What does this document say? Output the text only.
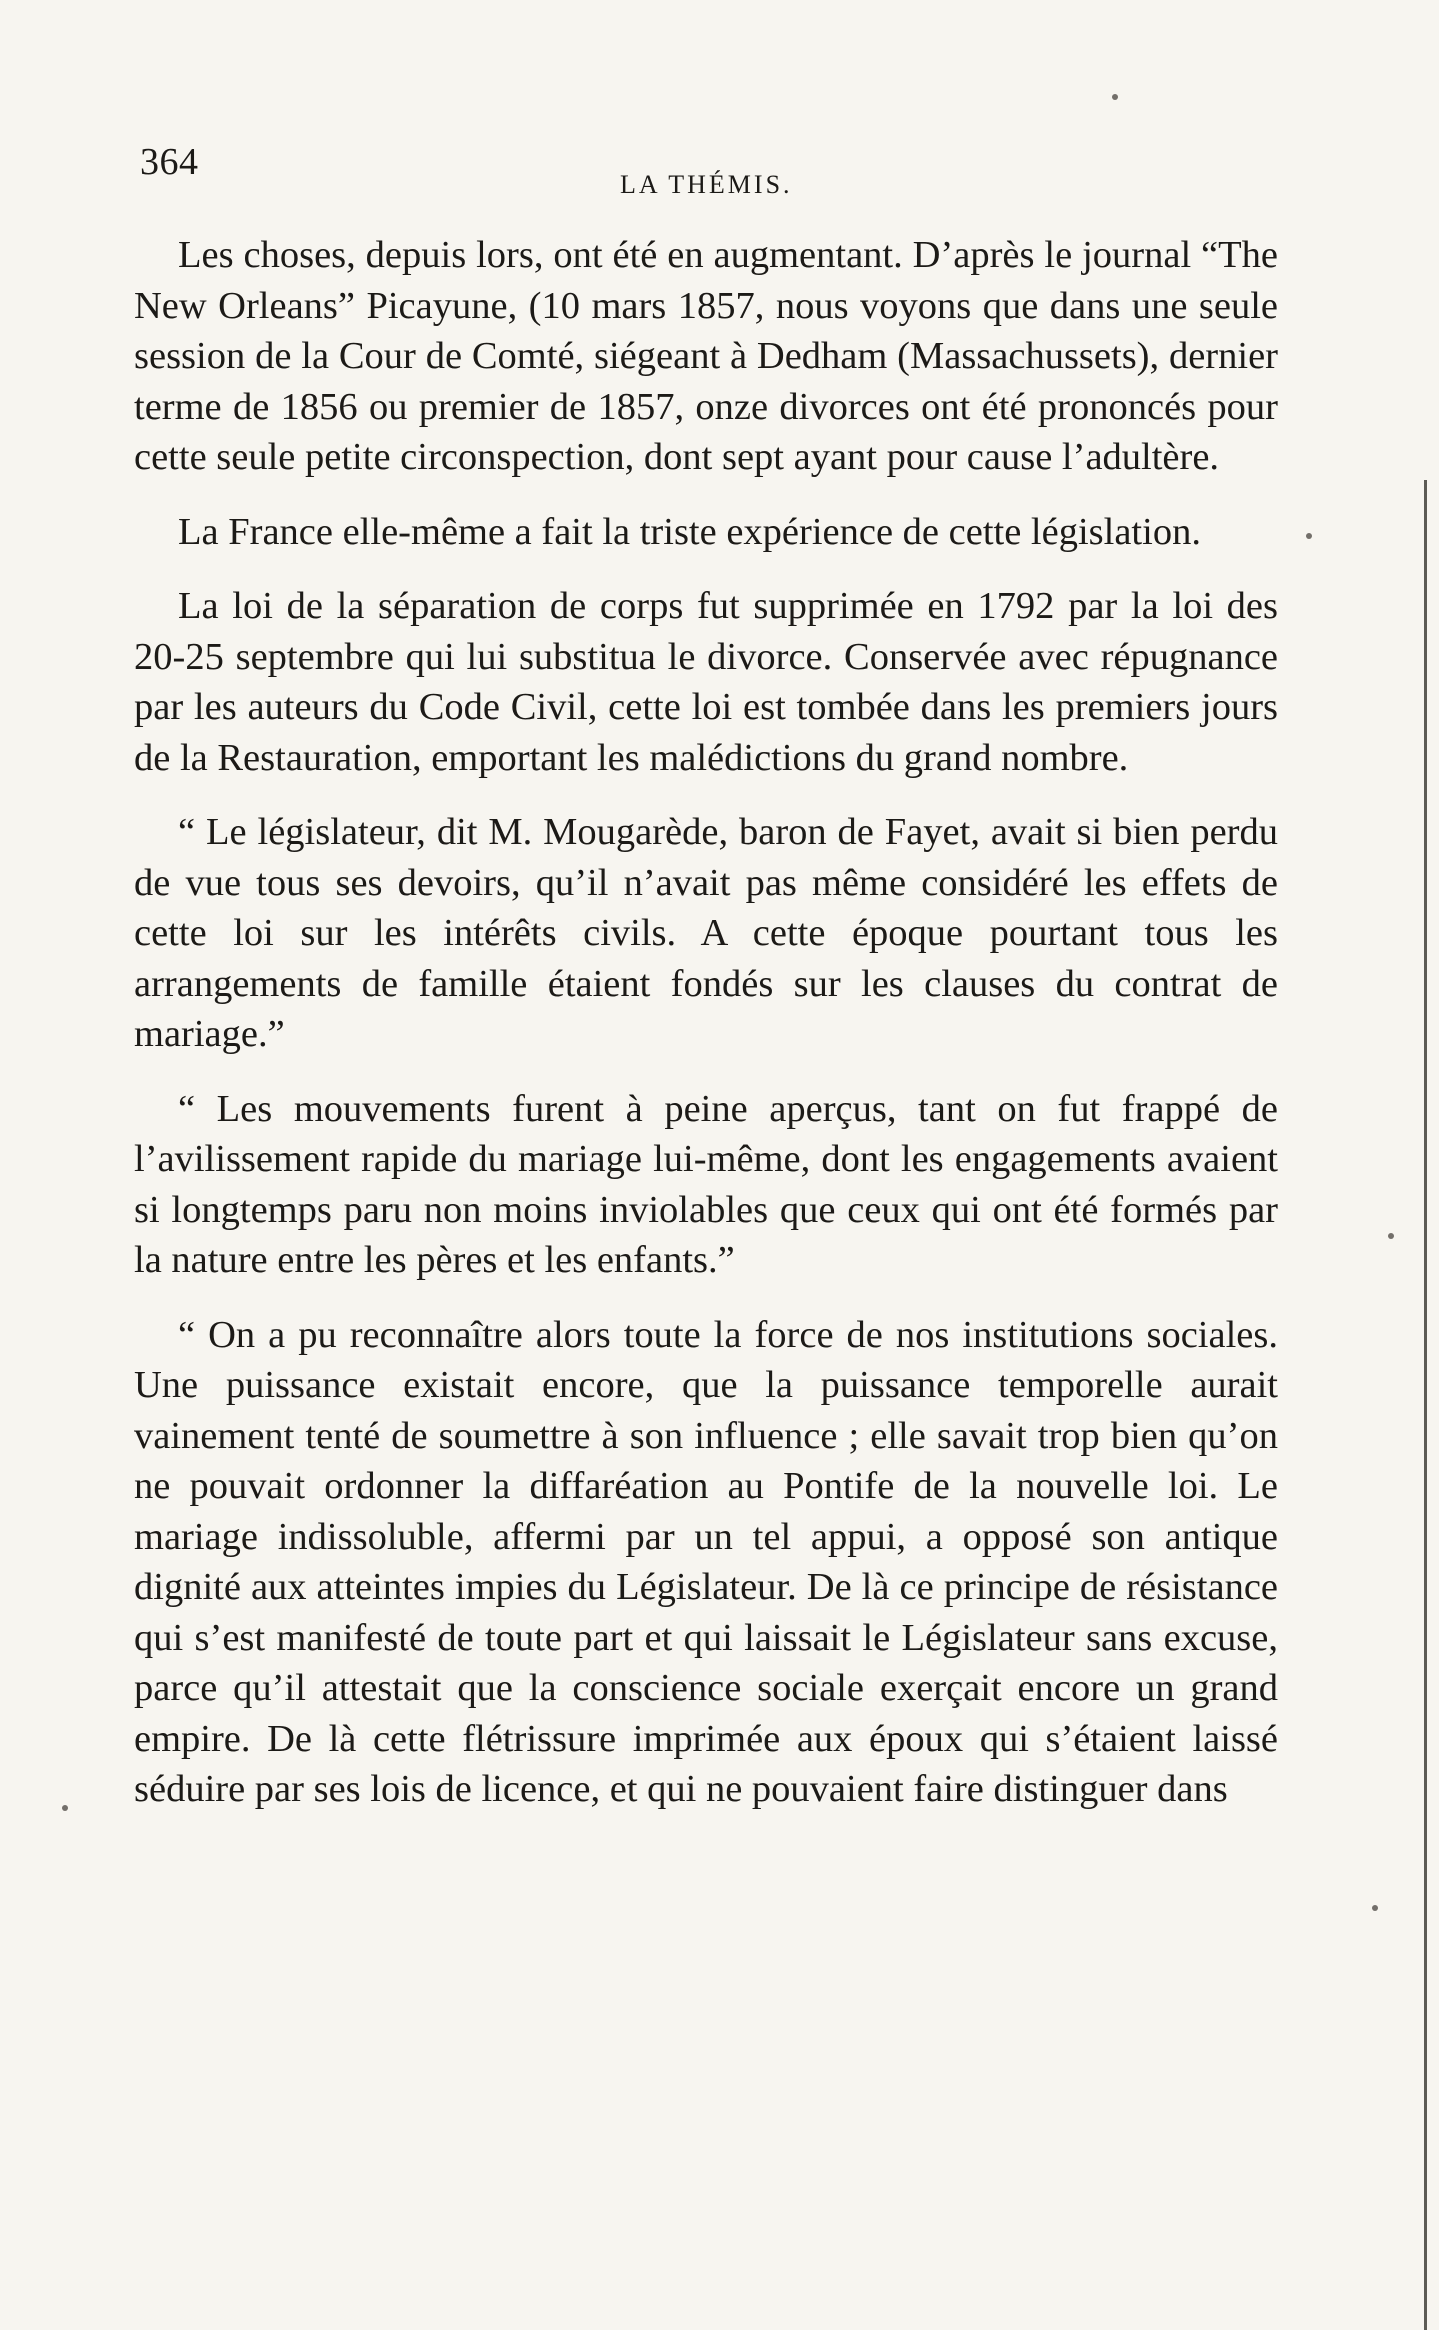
364
LA THÉMIS.

Les choses, depuis lors, ont été en augmentant. D’après le journal “The New Orleans” Picayune, (10 mars 1857, nous voyons que dans une seule session de la Cour de Comté, siégeant à Dedham (Massachussets), dernier terme de 1856 ou premier de 1857, onze divorces ont été prononcés pour cette seule petite circonspection, dont sept ayant pour cause l’adultère.

La France elle-même a fait la triste expérience de cette législation.

La loi de la séparation de corps fut supprimée en 1792 par la loi des 20-25 septembre qui lui substitua le divorce. Conservée avec répugnance par les auteurs du Code Civil, cette loi est tombée dans les premiers jours de la Restauration, emportant les malédictions du grand nombre.

“ Le législateur, dit M. Mougarède, baron de Fayet, avait si bien perdu de vue tous ses devoirs, qu’il n’avait pas même considéré les effets de cette loi sur les intérêts civils. A cette époque pourtant tous les arrangements de famille étaient fondés sur les clauses du contrat de mariage.”

“ Les mouvements furent à peine aperçus, tant on fut frappé de l’avilissement rapide du mariage lui-même, dont les engagements avaient si longtemps paru non moins inviolables que ceux qui ont été formés par la nature entre les pères et les enfants.”

“ On a pu reconnaître alors toute la force de nos institutions sociales. Une puissance existait encore, que la puissance temporelle aurait vainement tenté de soumettre à son influence ; elle savait trop bien qu’on ne pouvait ordonner la diffaréation au Pontife de la nouvelle loi. Le mariage indissoluble, affermi par un tel appui, a opposé son antique dignité aux atteintes impies du Législateur. De là ce principe de résistance qui s’est manifesté de toute part et qui laissait le Législateur sans excuse, parce qu’il attestait que la conscience sociale exerçait encore un grand empire. De là cette flétrissure imprimée aux époux qui s’étaient laissé séduire par ses lois de licence, et qui ne pouvaient faire distinguer dans
